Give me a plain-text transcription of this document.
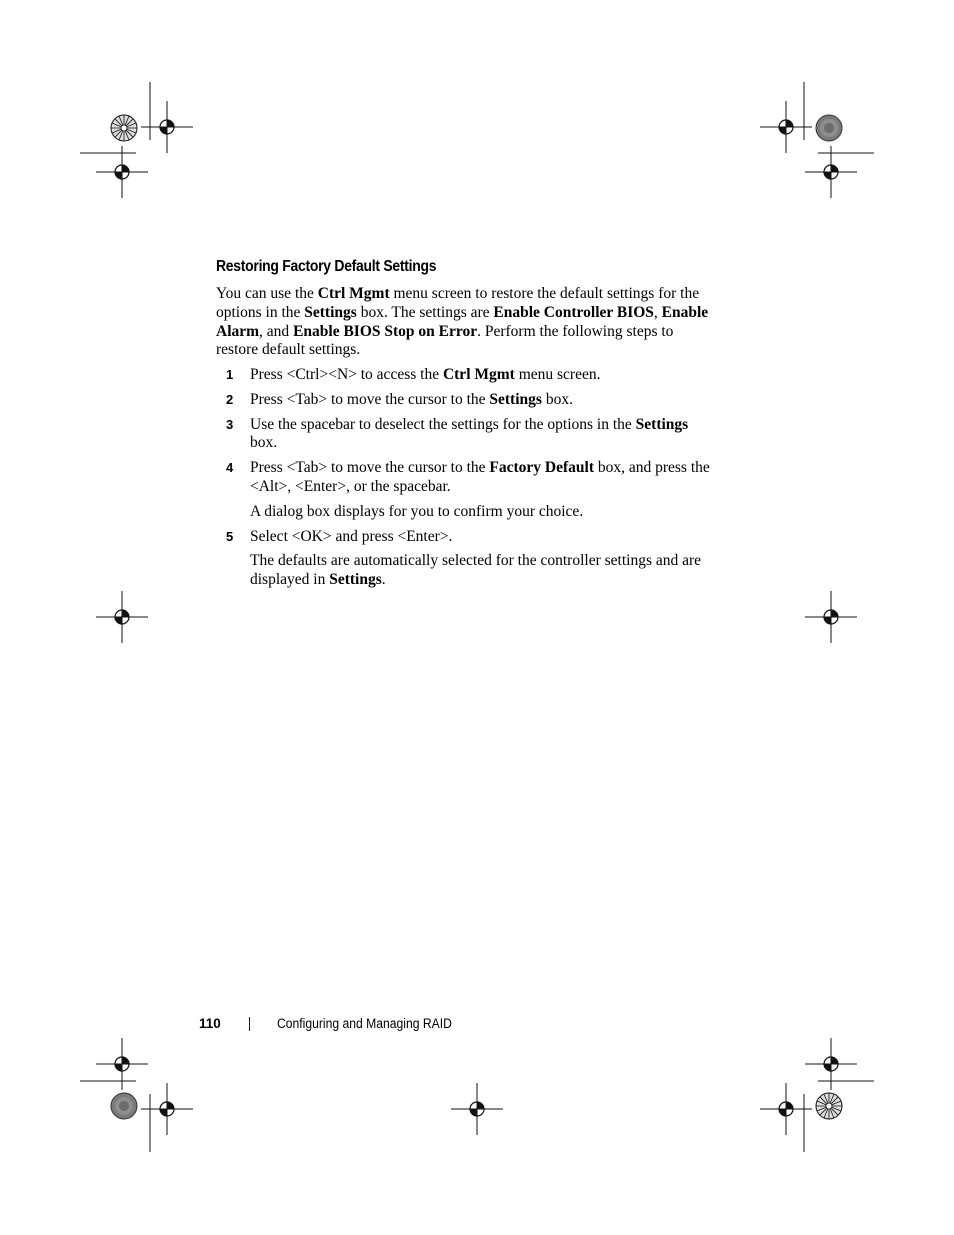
Restoring Factory Default Settings

You can use the Ctrl Mgmt menu screen to restore the default settings for the options in the Settings box. The settings are Enable Controller BIOS, Enable Alarm, and Enable BIOS Stop on Error. Perform the following steps to restore default settings.

1 Press <Ctrl><N> to access the Ctrl Mgmt menu screen.
2 Press <Tab> to move the cursor to the Settings box.
3 Use the spacebar to deselect the settings for the options in the Settings box.
4 Press <Tab> to move the cursor to the Factory Default box, and press the <Alt>, <Enter>, or the spacebar.
A dialog box displays for you to confirm your choice.
5 Select <OK> and press <Enter>.
The defaults are automatically selected for the controller settings and are displayed in Settings.
110	Configuring and Managing RAID
